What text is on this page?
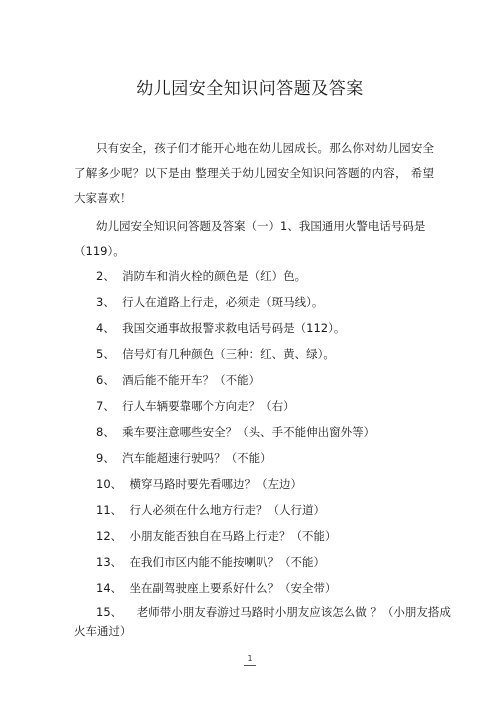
幼儿园安全知识问答题及答案
只有安全，孩子们才能开心地在幼儿园成长。那么你对幼儿园安全了解多少呢？以下是由 整理关于幼儿园安全知识问答题的内容， 希望大家喜欢！
幼儿园安全知识问答题及答案（一）1、我国通用火警电话号码是
（119）。
2、 消防车和消火栓的颜色是（红）色。
3、 行人在道路上行走，必须走（斑马线）。
4、 我国交通事故报警求救电话号码是（112）。
5、 信号灯有几种颜色（三种：红、黄、绿）。
6、 酒后能不能开车？（不能）
7、 行人车辆要靠哪个方向走？（右）
8、 乘车要注意哪些安全？（头、手不能伸出窗外等）
9、 汽车能超速行驶吗？（不能）
10、 横穿马路时要先看哪边？（左边）
11、 行人必须在什么地方行走？（人行道）
12、 小朋友能否独自在马路上行走？（不能）
13、 在我们市区内能不能按喇叭？（不能）
14、 坐在副驾驶座上要系好什么？（安全带）
15、    老师带小朋友春游过马路时小朋友应该怎么做 ？（小朋友搭成
火车通过）
1
